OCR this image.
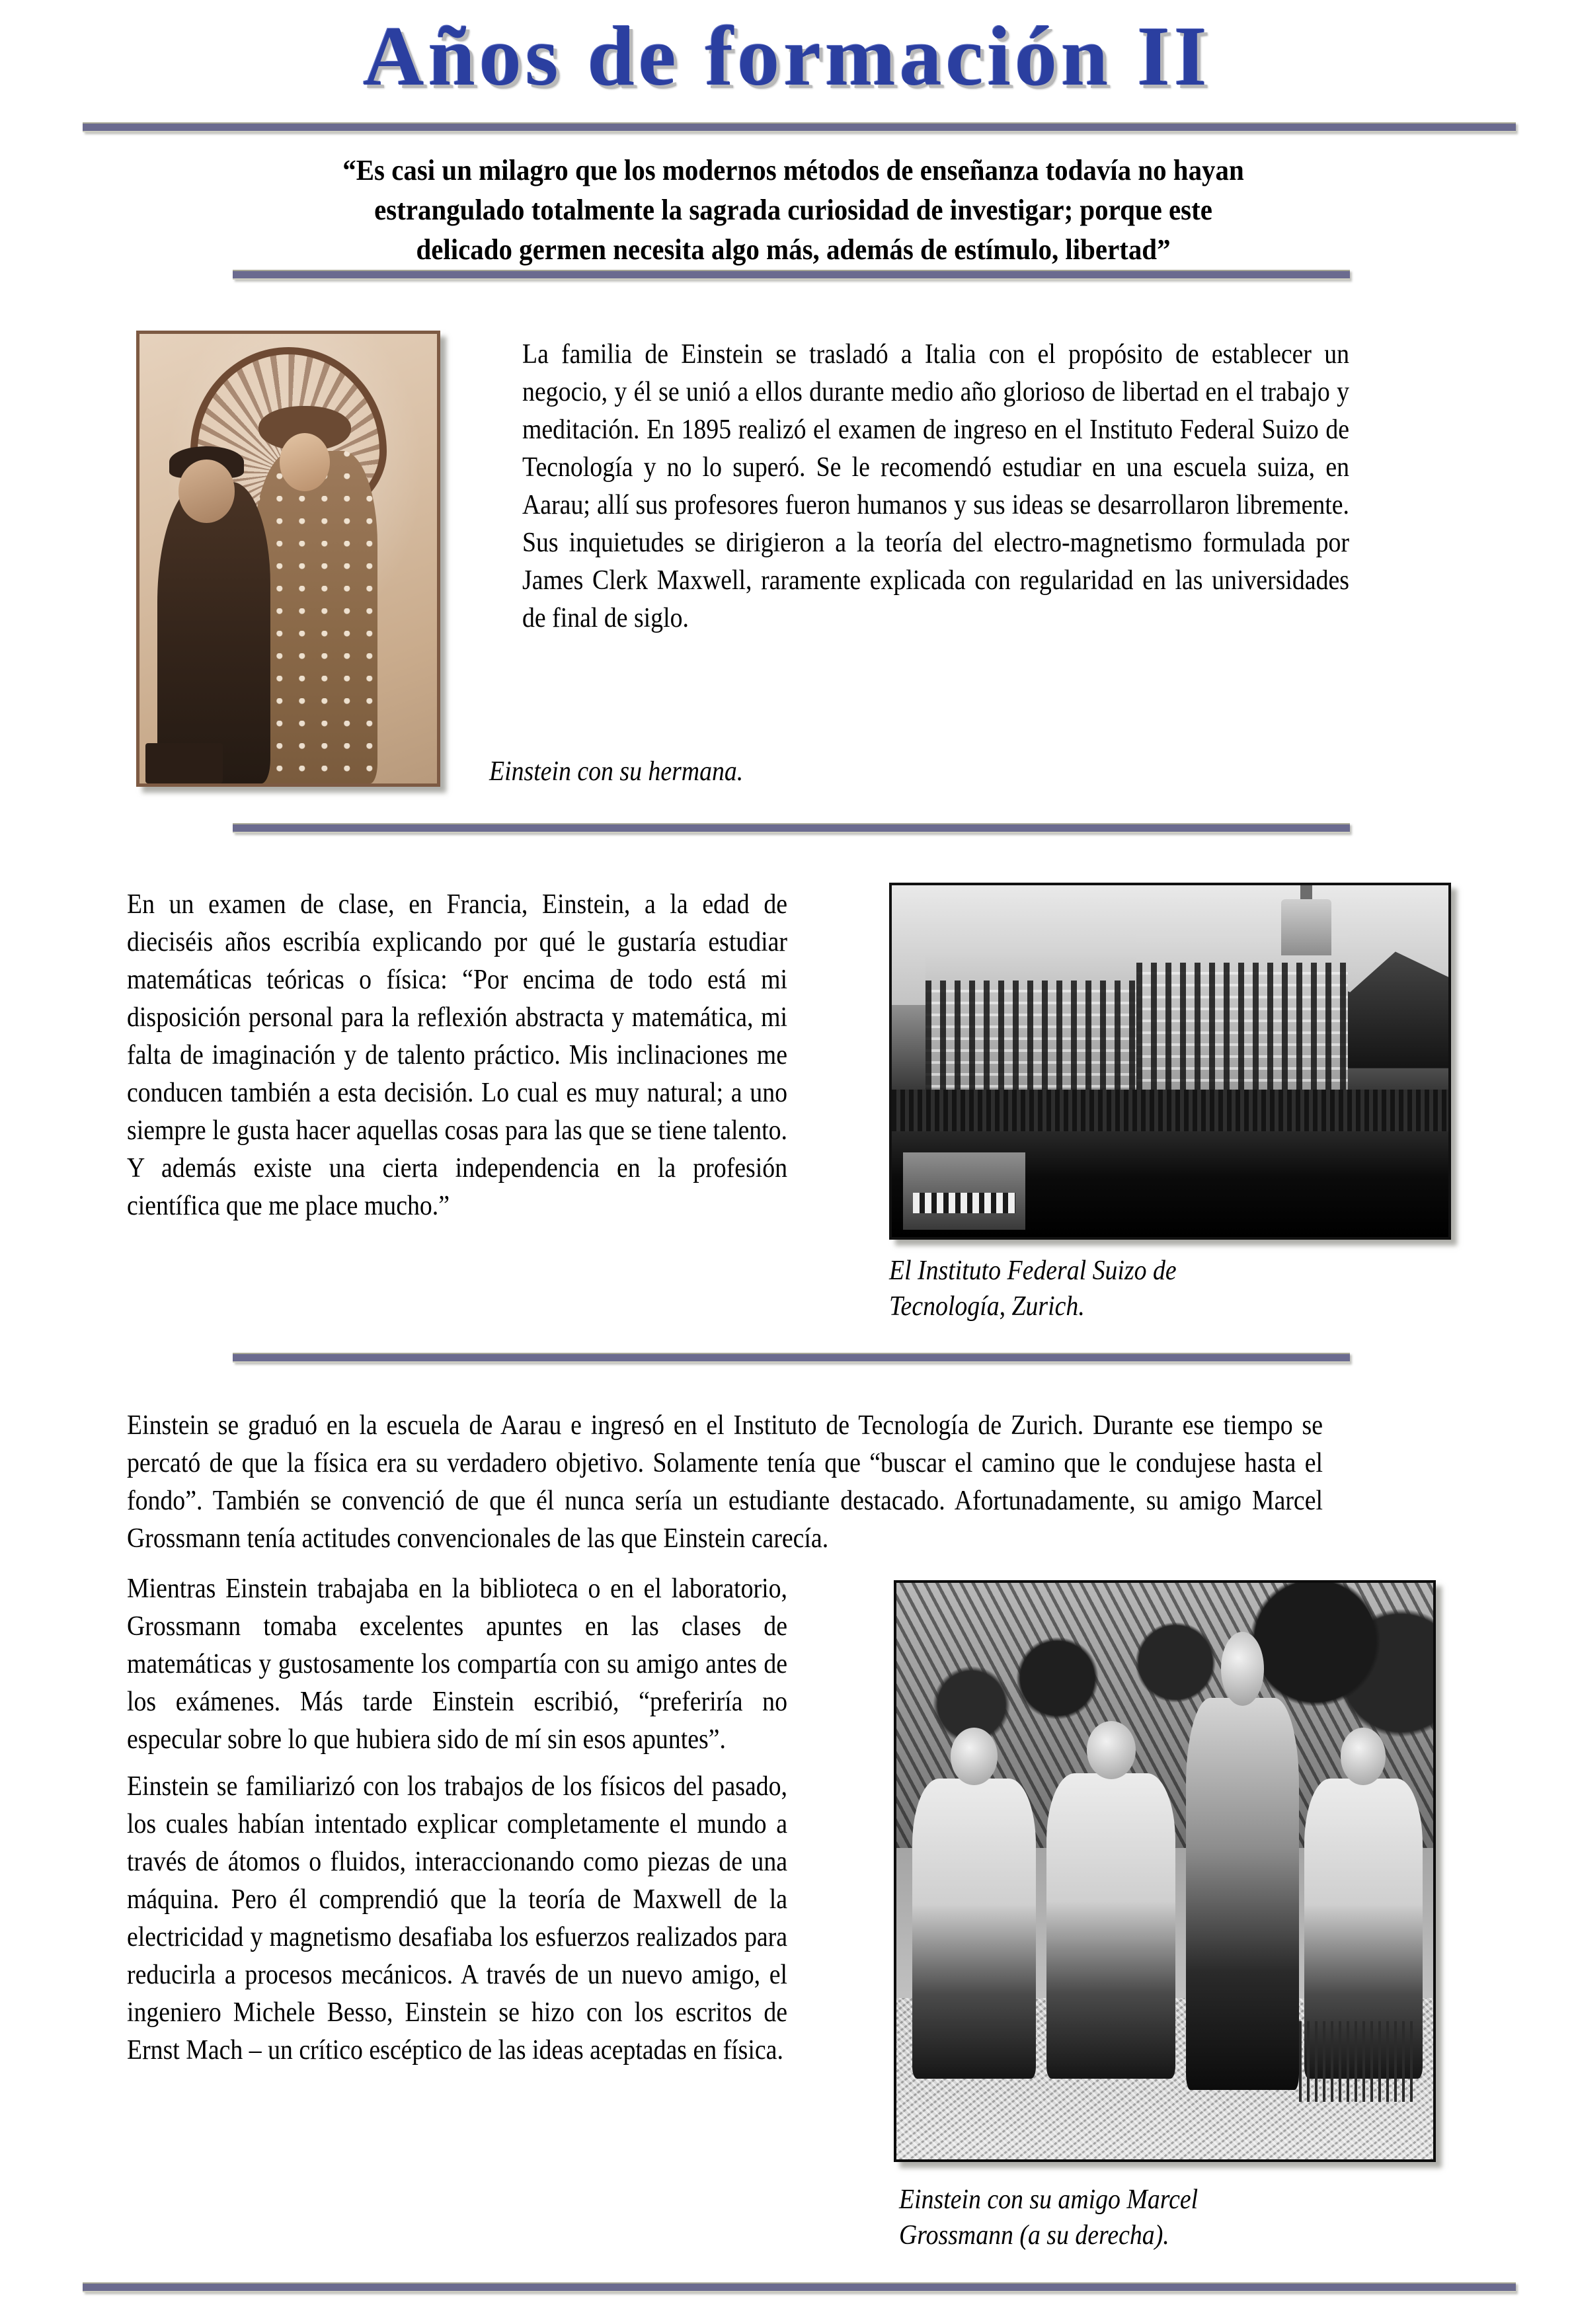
Años de formación II
“Es casi un milagro que los modernos métodos de enseñanza todavía no hayan
estrangulado totalmente la sagrada curiosidad de investigar; porque este
delicado germen necesita algo más, además de estímulo, libertad”

La familia de Einstein se trasladó a Italia con el propósito de establecer un negocio, y él se unió a ellos durante medio año glorioso de libertad en el trabajo y meditación. En 1895 realizó el examen de ingreso en el Instituto Federal Suizo de Tecnología y no lo superó. Se le recomendó estudiar en una escuela suiza, en Aarau; allí sus profesores fueron humanos y sus ideas se desarrollaron libremente. Sus inquietudes se dirigieron a la teoría del electro-magnetismo formulada por James Clerk Maxwell, raramente explicada con regularidad en las universidades de final de siglo.

Einstein con su hermana.

En un examen de clase, en Francia, Einstein, a la edad de dieciséis años escribía explicando por qué le gustaría estudiar matemáticas teóricas o física: “Por encima de todo está mi disposición personal para la reflexión abstracta y matemática, mi falta de imaginación y de talento práctico. Mis inclinaciones me conducen también a esta decisión. Lo cual es muy natural; a uno siempre le gusta hacer aquellas cosas para las que se tiene talento. Y además existe una cierta independencia en la profesión científica que me place mucho.”

El Instituto Federal Suizo de
Tecnología, Zurich.

Einstein se graduó en la escuela de Aarau e ingresó en el Instituto de Tecnología de Zurich. Durante ese tiempo se percató de que la física era su verdadero objetivo. Solamente tenía que “buscar el camino que le condujese hasta el fondo”. También se convenció de que él nunca sería un estudiante destacado. Afortunadamente, su amigo Marcel Grossmann tenía actitudes convencionales de las que Einstein carecía.

Mientras Einstein trabajaba en la biblioteca o en el laboratorio, Grossmann tomaba excelentes apuntes en las clases de matemáticas y gustosamente los compartía con su amigo antes de los exámenes. Más tarde Einstein escribió, “preferiría no especular sobre lo que hubiera sido de mí sin esos apuntes”.

Einstein se familiarizó con los trabajos de los físicos del pasado, los cuales habían intentado explicar completamente el mundo a través de átomos o fluidos, interaccionando como piezas de una máquina. Pero él comprendió que la teoría de Maxwell de la electricidad y magnetismo desafiaba los esfuerzos realizados para reducirla a procesos mecánicos. A través de un nuevo amigo, el ingeniero Michele Besso, Einstein se hizo con los escritos de Ernst Mach – un crítico escéptico de las ideas aceptadas en física.

Einstein con su amigo Marcel
Grossmann (a su derecha).
